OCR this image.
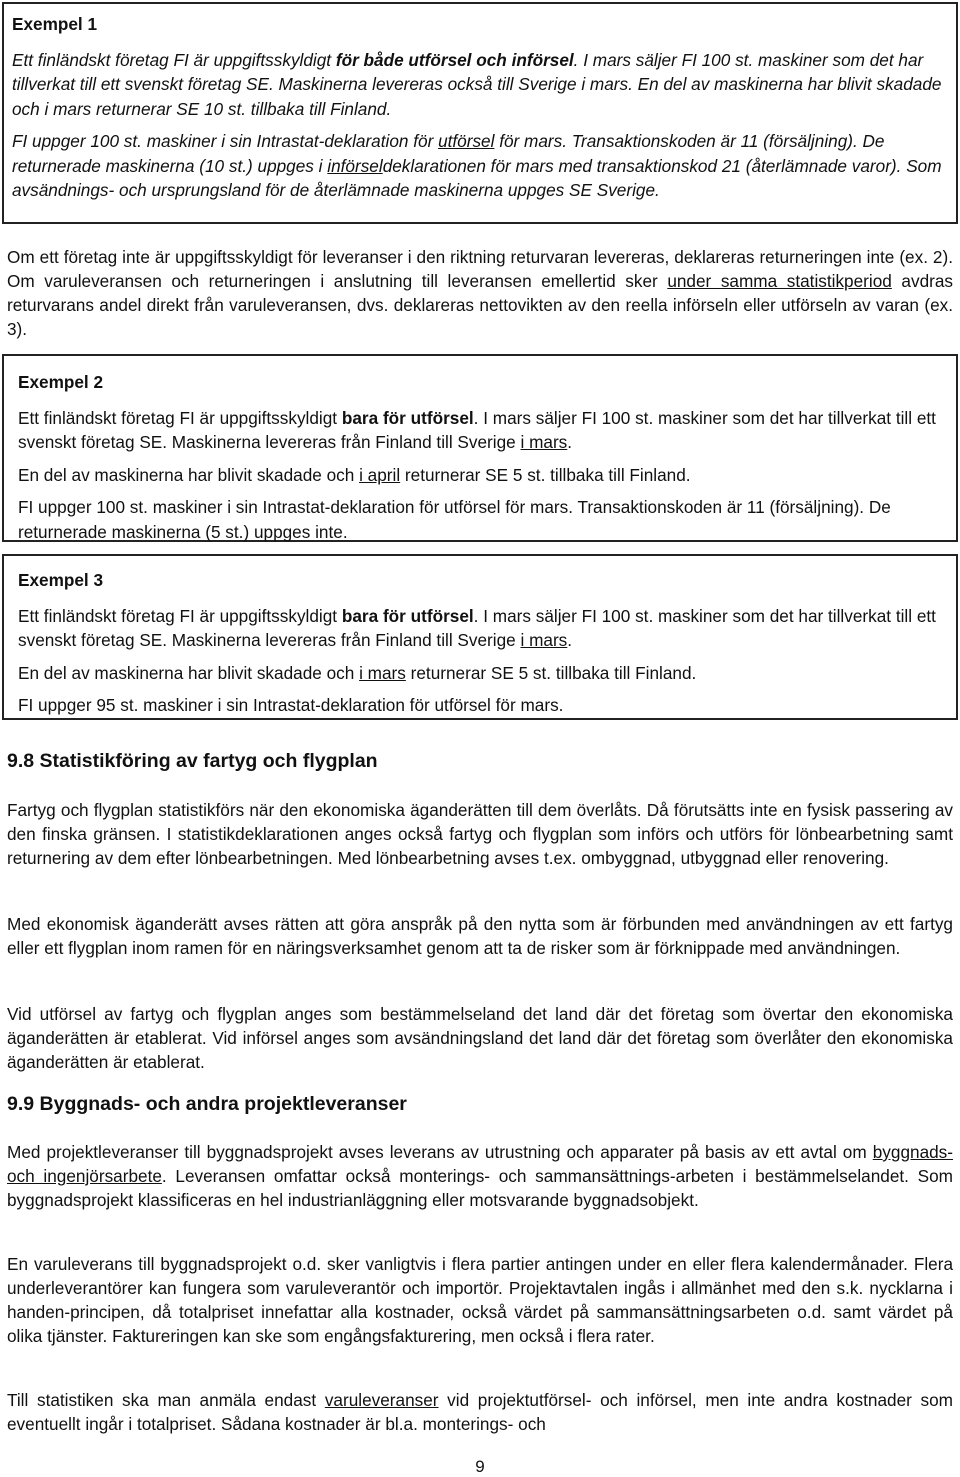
Exempel 1

Ett finländskt företag FI är uppgiftsskyldigt för både utförsel och införsel. I mars säljer FI 100 st. maskiner som det har tillverkat till ett svenskt företag SE. Maskinerna levereras också till Sverige i mars. En del av maskinerna har blivit skadade och i mars returnerar SE 10 st. tillbaka till Finland.

FI uppger 100 st. maskiner i sin Intrastat-deklaration för utförsel för mars. Transaktionskoden är 11 (försäljning). De returnerade maskinerna (10 st.) uppges i införseldeklarationen för mars med transaktionskod 21 (återlämnade varor). Som avsändnings- och ursprungsland för de återlämnade maskinerna uppges SE Sverige.

Om ett företag inte är uppgiftsskyldigt för leveranser i den riktning returvaran levereras, deklareras returneringen inte (ex. 2). Om varuleveransen och returneringen i anslutning till leveransen emellertid sker under samma statistikperiod avdras returvarans andel direkt från varuleveransen, dvs. deklareras nettovikten av den reella införseln eller utförseln av varan (ex. 3).

Exempel 2

Ett finländskt företag FI är uppgiftsskyldigt bara för utförsel. I mars säljer FI 100 st. maskiner som det har tillverkat till ett svenskt företag SE. Maskinerna levereras från Finland till Sverige i mars.

En del av maskinerna har blivit skadade och i april returnerar SE 5 st. tillbaka till Finland.

FI uppger 100 st. maskiner i sin Intrastat-deklaration för utförsel för mars. Transaktionskoden är 11 (försäljning). De returnerade maskinerna (5 st.) uppges inte.

Exempel 3

Ett finländskt företag FI är uppgiftsskyldigt bara för utförsel. I mars säljer FI 100 st. maskiner som det har tillverkat till ett svenskt företag SE. Maskinerna levereras från Finland till Sverige i mars.

En del av maskinerna har blivit skadade och i mars returnerar SE 5 st. tillbaka till Finland.

FI uppger 95 st. maskiner i sin Intrastat-deklaration för utförsel för mars.

9.8 Statistikföring av fartyg och flygplan

Fartyg och flygplan statistikförs när den ekonomiska äganderätten till dem överlåts. Då förutsätts inte en fysisk passering av den finska gränsen. I statistikdeklarationen anges också fartyg och flygplan som införs och utförs för lönbearbetning samt returnering av dem efter lönbearbetningen. Med lönbearbetning avses t.ex. ombyggnad, utbyggnad eller renovering.

Med ekonomisk äganderätt avses rätten att göra anspråk på den nytta som är förbunden med användningen av ett fartyg eller ett flygplan inom ramen för en näringsverksamhet genom att ta de risker som är förknippade med användningen.

Vid utförsel av fartyg och flygplan anges som bestämmelseland det land där det företag som övertar den ekonomiska äganderätten är etablerat. Vid införsel anges som avsändningsland det land där det företag som överlåter den ekonomiska äganderätten är etablerat.

9.9 Byggnads- och andra projektleveranser

Med projektleveranser till byggnadsprojekt avses leverans av utrustning och apparater på basis av ett avtal om byggnads- och ingenjörsarbete. Leveransen omfattar också monterings- och sammansättnings-arbeten i bestämmelselandet. Som byggnadsprojekt klassificeras en hel industrianläggning eller motsvarande byggnadsobjekt.

En varuleverans till byggnadsprojekt o.d. sker vanligtvis i flera partier antingen under en eller flera kalendermånader. Flera underleverantörer kan fungera som varuleverantör och importör. Projektavtalen ingås i allmänhet med den s.k. nycklarna i handen-principen, då totalpriset innefattar alla kostnader, också värdet på sammansättningsarbeten o.d. samt värdet på olika tjänster. Faktureringen kan ske som engångsfakturering, men också i flera rater.

Till statistiken ska man anmäla endast varuleveranser vid projektutförsel- och införsel, men inte andra kostnader som eventuellt ingår i totalpriset. Sådana kostnader är bl.a. monterings- och

9
